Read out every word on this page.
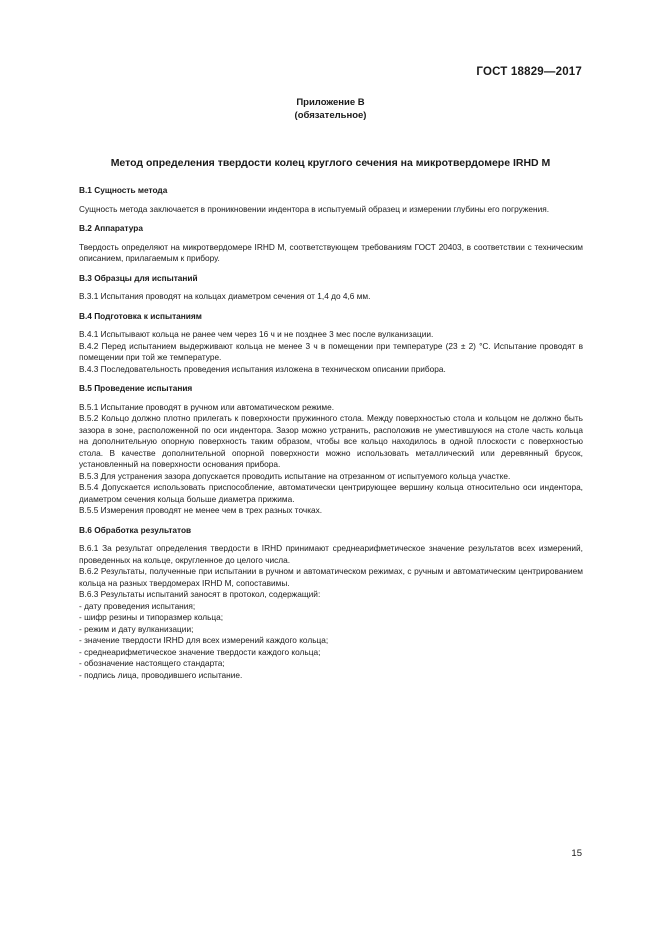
ГОСТ 18829—2017
Приложение В
(обязательное)
Метод определения твердости колец круглого сечения на микротвердомере IRHD М
В.1 Сущность метода

Сущность метода заключается в проникновении индентора в испытуемый образец и измерении глубины его погружения.

В.2 Аппаратура

Твердость определяют на микротвердомере IRHD М, соответствующем требованиям ГОСТ 20403, в соответствии с техническим описанием, прилагаемым к прибору.

В.3 Образцы для испытаний

В.3.1 Испытания проводят на кольцах диаметром сечения от 1,4 до 4,6 мм.

В.4 Подготовка к испытаниям

В.4.1 Испытывают кольца не ранее чем через 16 ч и не позднее 3 мес после вулканизации.

В.4.2 Перед испытанием выдерживают кольца не менее 3 ч в помещении при температуре (23 ± 2) °С. Испытание проводят в помещении при той же температуре.

В.4.3 Последовательность проведения испытания изложена в техническом описании прибора.

В.5 Проведение испытания

В.5.1 Испытание проводят в ручном или автоматическом режиме.

В.5.2 Кольцо должно плотно прилегать к поверхности пружинного стола. Между поверхностью стола и кольцом не должно быть зазора в зоне, расположенной по оси индентора. Зазор можно устранить, расположив не уместившуюся на столе часть кольца на дополнительную опорную поверхность таким образом, чтобы все кольцо находилось в одной плоскости с поверхностью стола. В качестве дополнительной опорной поверхности можно использовать металлический или деревянный брусок, установленный на поверхности основания прибора.

В.5.3 Для устранения зазора допускается проводить испытание на отрезанном от испытуемого кольца участке.

В.5.4 Допускается использовать приспособление, автоматически центрирующее вершину кольца относительно оси индентора, диаметром сечения кольца больше диаметра прижима.

В.5.5 Измерения проводят не менее чем в трех разных точках.

В.6 Обработка результатов

В.6.1 За результат определения твердости в IRHD принимают среднеарифметическое значение результатов всех измерений, проведенных на кольце, округленное до целого числа.

В.6.2 Результаты, полученные при испытании в ручном и автоматическом режимах, с ручным и автоматическим центрированием кольца на разных твердомерах IRHD М, сопоставимы.

В.6.3 Результаты испытаний заносят в протокол, содержащий:

- дату проведения испытания;
- шифр резины и типоразмер кольца;
- режим и дату вулканизации;
- значение твердости IRHD для всех измерений каждого кольца;
- среднеарифметическое значение твердости каждого кольца;
- обозначение настоящего стандарта;
- подпись лица, проводившего испытание.
15
